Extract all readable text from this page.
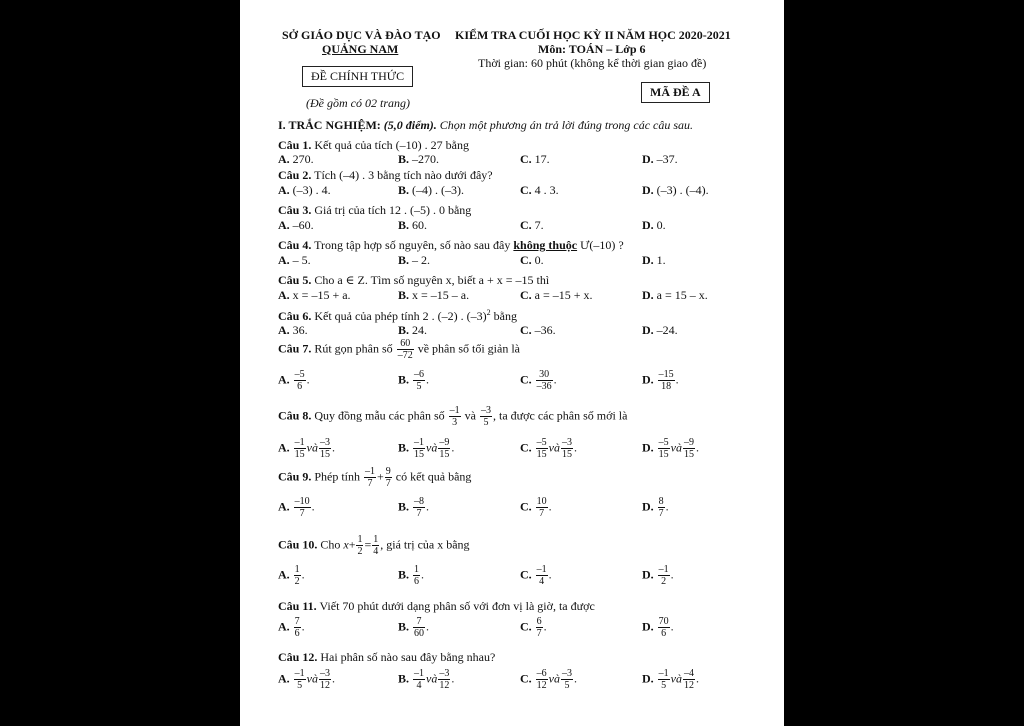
SỞ GIÁO DỤC VÀ ĐÀO TẠO
QUẢNG NAM
ĐỀ CHÍNH THỨC
(Đề gồm có 02 trang)
KIỂM TRA CUỐI HỌC KỲ II NĂM HỌC 2020-2021
Môn: TOÁN – Lớp 6
Thời gian: 60 phút (không kể thời gian giao đề)
MÃ ĐỀ A
I. TRẮC NGHIỆM: (5,0 điểm). Chọn một phương án trả lời đúng trong các câu sau.
Câu 1. Kết quả của tích (–10) . 27 bằng
A. 270.	B. –270.	C. 17.	D. –37.
Câu 2. Tích (–4) . 3 bằng tích nào dưới đây?
A. (–3) . 4.	B. (–4) . (–3).	C. 4 . 3.	D. (–3) . (–4).
Câu 3. Giá trị của tích 12 . (–5) . 0 bằng
A. –60.	B. 60.	C. 7.	D. 0.
Câu 4. Trong tập hợp số nguyên, số nào sau đây không thuộc Ư(–10) ?
A. – 5.	B. – 2.	C. 0.	D. 1.
Câu 5. Cho a ∈ Z. Tìm số nguyên x, biết a + x = –15 thì
A. x = –15 + a.	B. x = –15 – a.	C. a = –15 + x.	D. a = 15 – x.
Câu 6. Kết quả của phép tính 2 . (–2) . $(-3)^2$ bằng
A. 36.	B. 24.	C. –36.	D. –24.
Câu 7. Rút gọn phân số $\frac{60}{-72}$ về phân số tối giản là
A. $\frac{-5}{6}$ .	B. $\frac{-6}{5}$ .	C. $\frac{30}{-36}$ .	D. $\frac{-15}{18}$ .
Câu 8. Quy đồng mẫu các phân số $\frac{-1}{3}$ và $\frac{-3}{5}$ , ta được các phân số mới là
A. $\frac{-1}{15}$ và $\frac{-3}{15}$ .	B. $\frac{-1}{15}$ và $\frac{-9}{15}$ .	C. $\frac{-5}{15}$ và $\frac{-3}{15}$ .	D. $\frac{-5}{15}$ và $\frac{-9}{15}$ .
Câu 9. Phép tính $\frac{-1}{7} + \frac{9}{7}$ có kết quả bằng
A. $\frac{-10}{7}$ .	B. $\frac{-8}{7}$ .	C. $\frac{10}{7}$ .	D. $\frac{8}{7}$ .
Câu 10. Cho $x+ \frac{1}{2} = \frac{1}{4}$ , giá trị của x bằng
A. $\frac{1}{2}$ .	B. $\frac{1}{6}$ .	C. $\frac{-1}{4}$ .	D. $\frac{-1}{2}$ .
Câu 11. Viết 70 phút dưới dạng phân số với đơn vị là giờ, ta được
A. $\frac{7}{6}$ .	B. $\frac{7}{60}$ .	C. $\frac{6}{7}$ .	D. $\frac{70}{6}$ .
Câu 12. Hai phân số nào sau đây bằng nhau?
A. $\frac{-1}{5}$ và $\frac{-3}{12}$ .	B. $\frac{-1}{4}$ và $\frac{-3}{12}$ .	C. $\frac{-6}{12}$ và $\frac{-3}{5}$ .	D. $\frac{-1}{5}$ và $\frac{-4}{12}$ .
